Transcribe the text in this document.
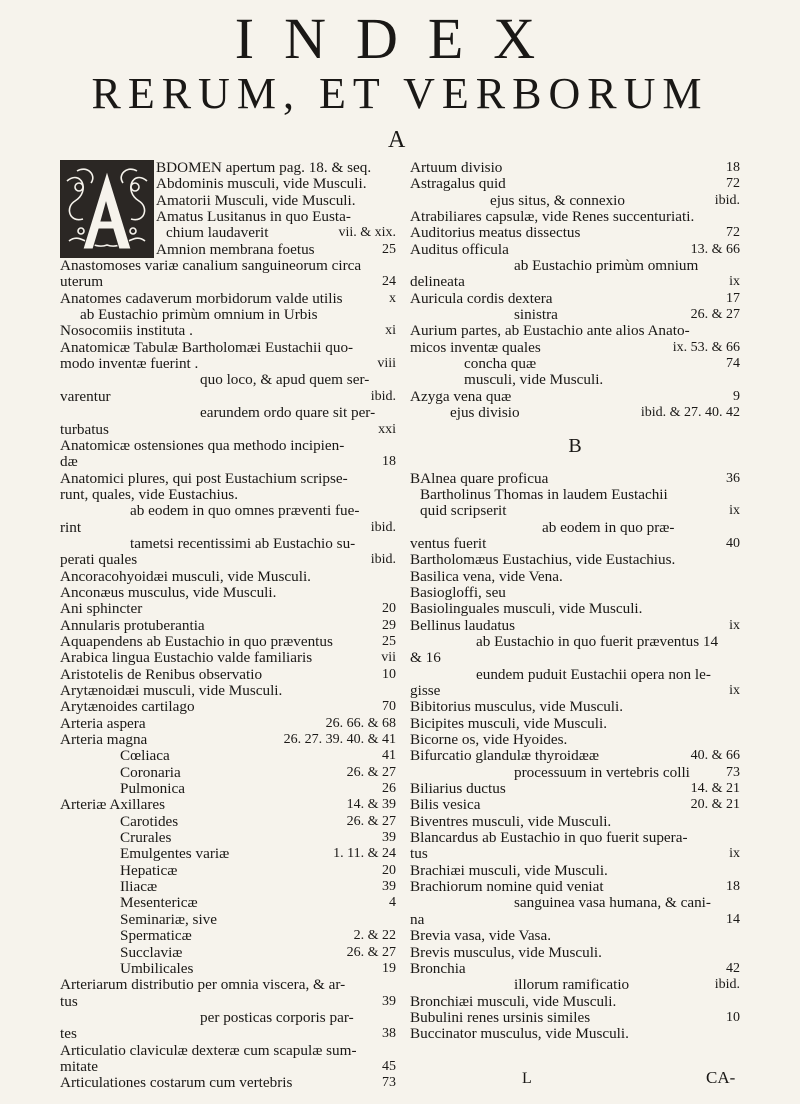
INDEX
RERUM, ET VERBORUM
A
BDOMEN apertum pag. 18. & seq.
Abdominis musculi, vide Musculi.
Amatorii Musculi, vide Musculi.
Amatus Lusitanus in quo Eusta-
chium laudaverit	vii. & xix.
Amnion membrana foetus	25
Anastomoses variæ canalium sanguineorum circa
uterum	24
Anatomes cadaverum morbidorum valde utilis	x
ab Eustachio primùm omnium in Urbis
Nosocomiis instituta .	xi
Anatomicæ Tabulæ Bartholomæi Eustachii quo-
modo inventæ fuerint .	viii
quo loco, & apud quem ser-
varentur	ibid.
earundem ordo quare sit per-
turbatus	xxi
Anatomicæ ostensiones qua methodo incipien-
dæ	18
Anatomici plures, qui post Eustachium scripse-
runt, quales, vide Eustachius.
ab eodem in quo omnes præventi fue-
rint	ibid.
tametsi recentissimi ab Eustachio su-
perati quales	ibid.
Ancoracohyoidæi musculi, vide Musculi.
Anconæus musculus, vide Musculi.
Ani sphincter	20
Annularis protuberantia	29
Aquapendens ab Eustachio in quo præventus	25
Arabica lingua Eustachio valde familiaris	vii
Aristotelis de Renibus observatio	10
Arytænoidæi musculi, vide Musculi.
Arytænoides cartilago	70
Arteria aspera	26. 66. & 68
Arteria magna	26. 27. 39. 40. & 41
Cœliaca	41
Coronaria	26. & 27
Pulmonica	26
Arteriæ Axillares	14. & 39
Carotides	26. & 27
Crurales	39
Emulgentes variæ	1. 11. & 24
Hepaticæ	20
Iliacæ	39
Mesentericæ	4
Seminariæ, sive
Spermaticæ	2. & 22
Succlaviæ	26. & 27
Umbilicales	19
Arteriarum distributio per omnia viscera, & ar-
tus	39
per posticas corporis par-
tes	38
Articulatio claviculæ dexteræ cum scapulæ sum-
mitate	45
Articulationes costarum cum vertebris	73
Artuum divisio	18
Astragalus quid	72
ejus situs, & connexio	ibid.
Atrabiliares capsulæ, vide Renes succenturiati.
Auditorius meatus dissectus	72
Auditus officula	13. & 66
ab Eustachio primùm omnium
delineata	ix
Auricula cordis dextera	17
sinistra	26. & 27
Aurium partes, ab Eustachio ante alios Anato-
micos inventæ quales	ix. 53. & 66
concha quæ	74
musculi, vide Musculi.
Azyga vena quæ	9
ejus divisio	ibid. & 27. 40. 42
B
BAlnea quare proficua	36
Bartholinus Thomas in laudem Eustachii
quid scripserit	ix
ab eodem in quo præ-
ventus fuerit	40
Bartholomæus Eustachius, vide Eustachius.
Basilica vena, vide Vena.
Basiogloffi, seu
Basiolinguales musculi, vide Musculi.
Bellinus laudatus	ix
ab Eustachio in quo fuerit præventus 14
& 16
eundem puduit Eustachii opera non le-
gisse	ix
Bibitorius musculus, vide Musculi.
Bicipites musculi, vide Musculi.
Bicorne os, vide Hyoides.
Bifurcatio glandulæ thyroidææ	40. & 66
processuum in vertebris colli	73
Biliarius ductus	14. & 21
Bilis vesica	20. & 21
Biventres musculi, vide Musculi.
Blancardus ab Eustachio in quo fuerit supera-
tus	ix
Brachiæi musculi, vide Musculi.
Brachiorum nomine quid veniat	18
sanguinea vasa humana, & cani-
na	14
Brevia vasa, vide Vasa.
Brevis musculus, vide Musculi.
Bronchia	42
illorum ramificatio	ibid.
Bronchiæi musculi, vide Musculi.
Bubulini renes ursinis similes	10
Buccinator musculus, vide Musculi.
L	CA-
